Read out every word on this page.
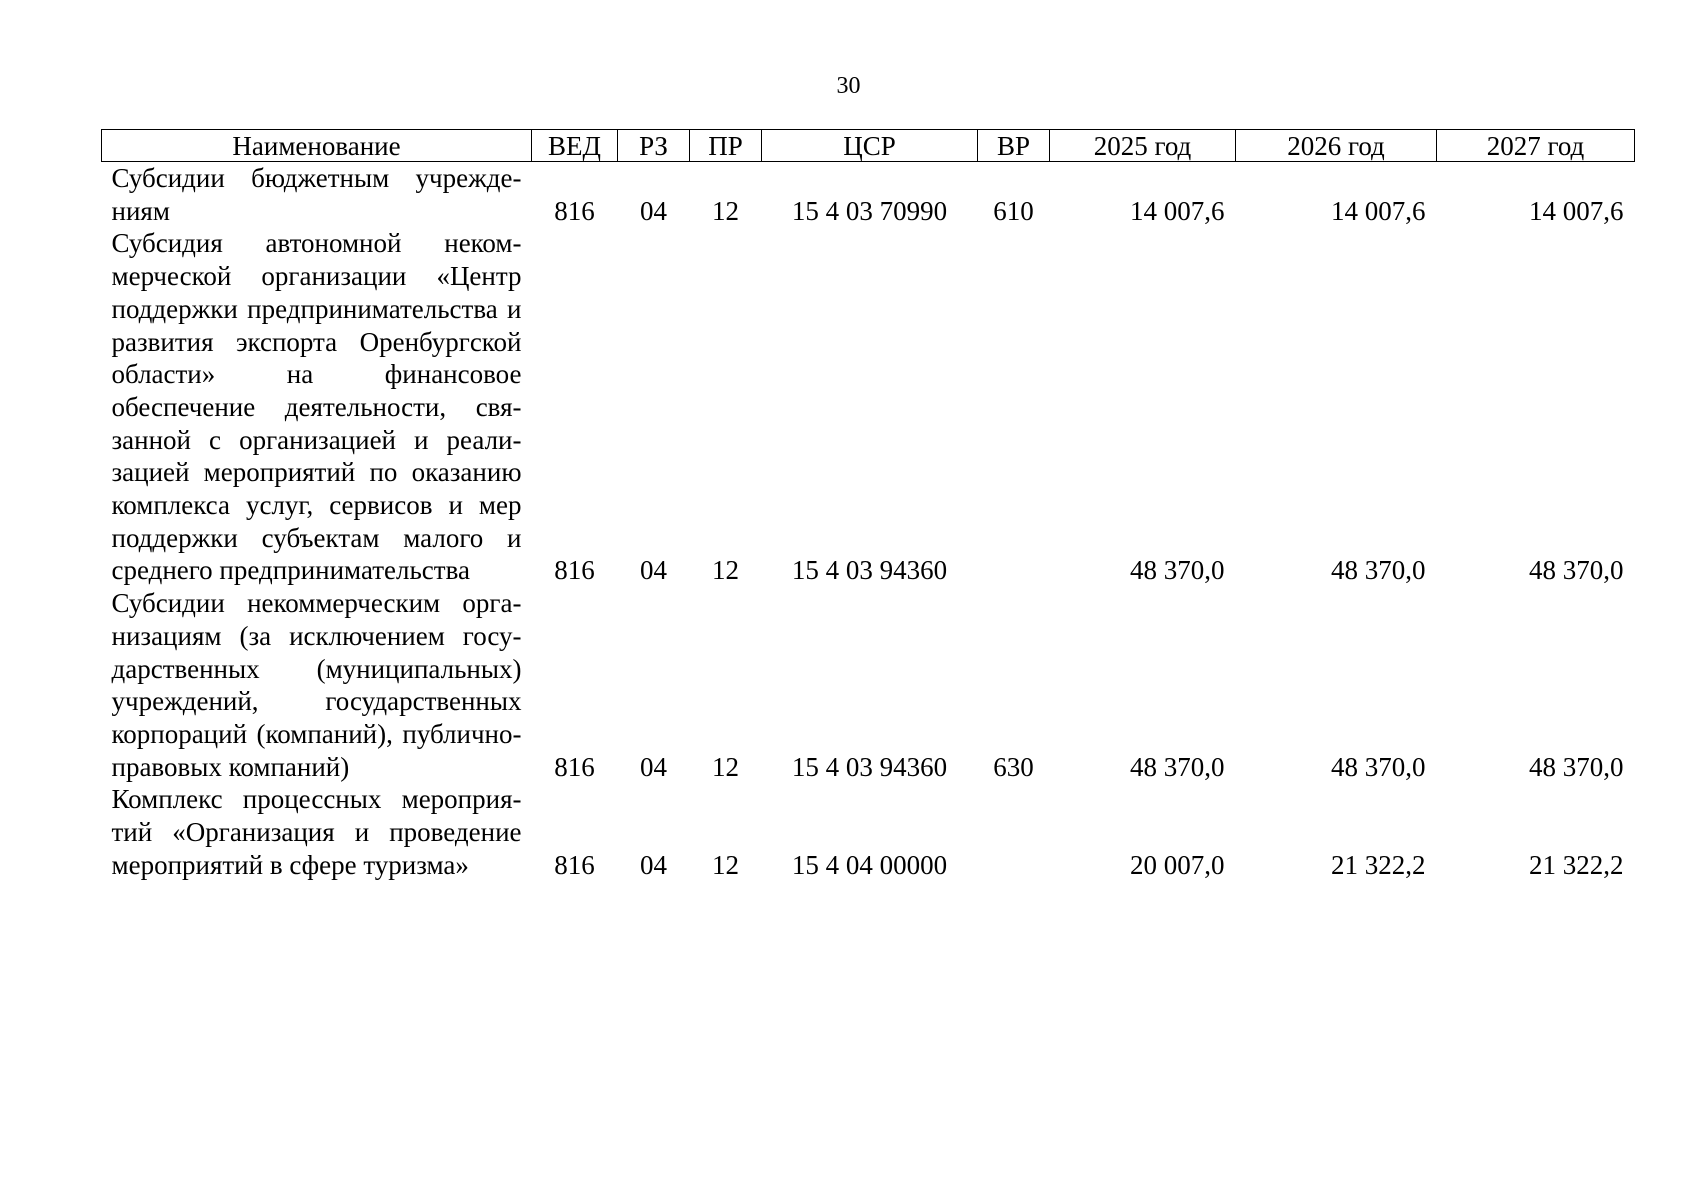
30
Наименование	ВЕД	РЗ	ПР	ЦСР	ВР	2025 год	2026 год	2027 год
Субсидии бюджетным учреждениям	816	04	12	15 4 03 70990	610	14 007,6	14 007,6	14 007,6
Субсидия автономной некоммерческой организации «Центр поддержки предпринимательства и развития экспорта Оренбургской области» на финансовое обеспечение деятельности, связанной с организацией и реализацией мероприятий по оказанию комплекса услуг, сервисов и мер поддержки субъектам малого и среднего предпринимательства	816	04	12	15 4 03 94360		48 370,0	48 370,0	48 370,0
Субсидии некоммерческим организациям (за исключением государственных (муниципальных) учреждений, государственных корпораций (компаний), публично-правовых компаний)	816	04	12	15 4 03 94360	630	48 370,0	48 370,0	48 370,0
Комплекс процессных мероприятий «Организация и проведение мероприятий в сфере туризма»	816	04	12	15 4 04 00000		20 007,0	21 322,2	21 322,2
